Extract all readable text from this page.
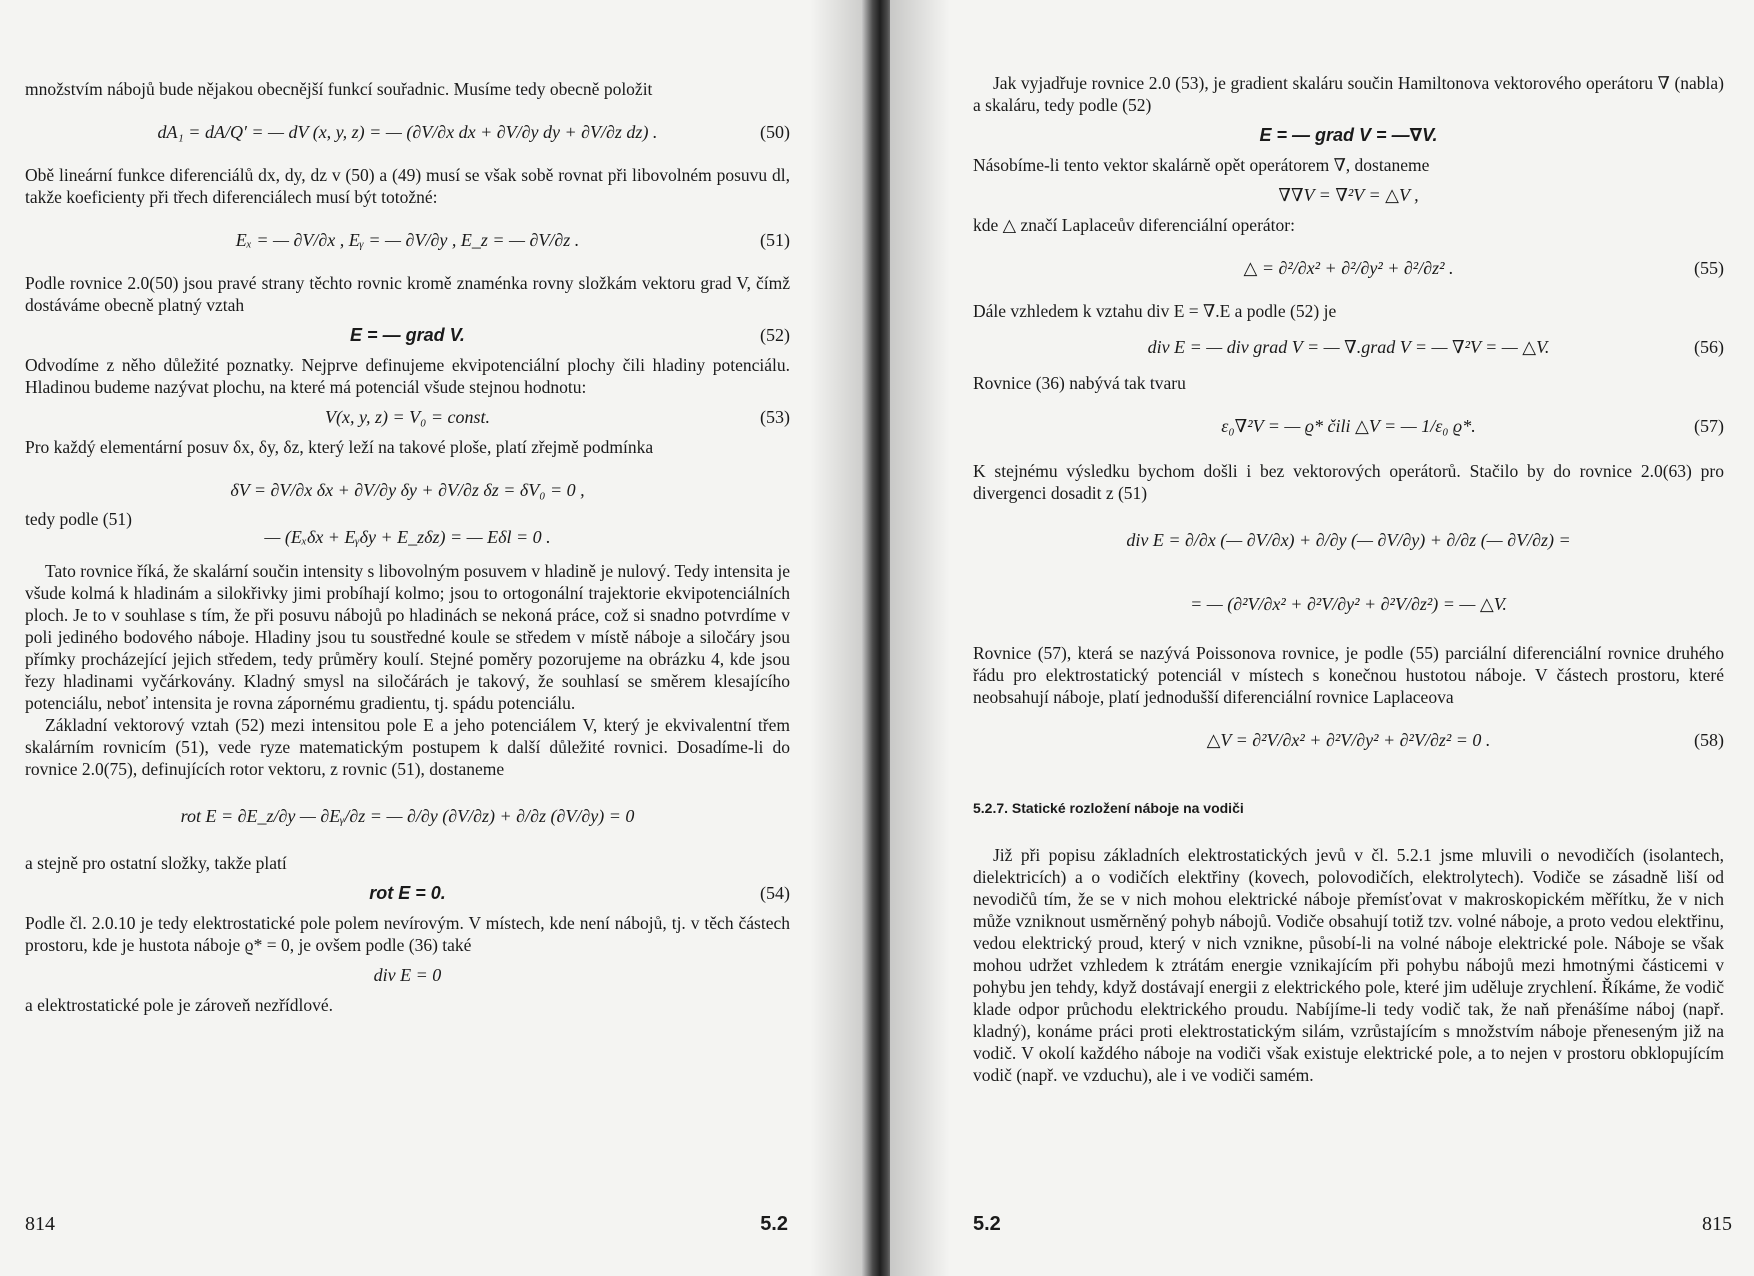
množstvím nábojů bude nějakou obecnější funkcí souřadnic. Musíme tedy obecně položit

dA₁ = dA/Q′ = — dV (x, y, z) = — (∂V/∂x dx + ∂V/∂y dy + ∂V/∂z dz) .	(50)

Obě lineární funkce diferenciálů dx, dy, dz v (50) a (49) musí se však sobě rovnat při libovolném posuvu dl, takže koeficienty při třech diferenciálech musí být totožné:

Eₓ = — ∂V/∂x , Eᵧ = — ∂V/∂y , E_z = — ∂V/∂z .	(51)

Podle rovnice 2.0(50) jsou pravé strany těchto rovnic kromě znaménka rovny složkám vektoru grad V, čímž dostáváme obecně platný vztah

E = — grad V.	(52)

Odvodíme z něho důležité poznatky. Nejprve definujeme ekvipotenciální plochy čili hladiny potenciálu. Hladinou budeme nazývat plochu, na které má potenciál všude stejnou hodnotu:

V(x, y, z) = V₀ = const.	(53)

Pro každý elementární posuv δx, δy, δz, který leží na takové ploše, platí zřejmě podmínka

δV = ∂V/∂x δx + ∂V/∂y δy + ∂V/∂z δz = δV₀ = 0 ,
tedy podle (51)
— (Eₓδx + Eᵧδy + E_zδz) = — Eδl = 0 .

Tato rovnice říká, že skalární součin intensity s libovolným posuvem v hladině je nulový. Tedy intensita je všude kolmá k hladinám a silokřivky jimi probíhají kolmo; jsou to ortogonální trajektorie ekvipotenciálních ploch. Je to v souhlase s tím, že při posuvu nábojů po hladinách se nekoná práce, což si snadno potvrdíme v poli jediného bodového náboje. Hladiny jsou tu soustředné koule se středem v místě náboje a siločáry jsou přímky procházející jejich středem, tedy průměry koulí. Stejné poměry pozorujeme na obrázku 4, kde jsou řezy hladinami vyčárkovány. Kladný smysl na siločárách je takový, že souhlasí se směrem klesajícího potenciálu, neboť intensita je rovna zápornému gradientu, tj. spádu potenciálu.

Základní vektorový vztah (52) mezi intensitou pole E a jeho potenciálem V, který je ekvivalentní třem skalárním rovnicím (51), vede ryze matematickým postupem k další důležité rovnici. Dosadíme-li do rovnice 2.0(75), definujících rotor vektoru, z rovnic (51), dostaneme

rot E = ∂E_z/∂y — ∂Eᵧ/∂z = — ∂/∂y (∂V/∂z) + ∂/∂z (∂V/∂y) = 0

a stejně pro ostatní složky, takže platí

rot E = 0.	(54)

Podle čl. 2.0.10 je tedy elektrostatické pole polem nevírovým. V místech, kde není nábojů, tj. v těch částech prostoru, kde je hustota náboje ϱ* = 0, je ovšem podle (36) také

div E = 0

a elektrostatické pole je zároveň nezřídlové.

814	5.2

Jak vyjadřuje rovnice 2.0 (53), je gradient skaláru součin Hamiltonova vektorového operátoru ∇ (nabla) a skaláru, tedy podle (52)

E = — grad V = —∇V.

Násobíme-li tento vektor skalárně opět operátorem ∇, dostaneme

∇∇V = ∇²V = △V ,

kde △ značí Laplaceův diferenciální operátor:

△ = ∂²/∂x² + ∂²/∂y² + ∂²/∂z² .	(55)

Dále vzhledem k vztahu div E = ∇.E a podle (52) je

div E = — div grad V = — ∇.grad V = — ∇²V = — △V.	(56)

Rovnice (36) nabývá tak tvaru

ε₀∇²V = — ϱ* čili △V = — 1/ε₀ ϱ*.	(57)

K stejnému výsledku bychom došli i bez vektorových operátorů. Stačilo by do rovnice 2.0(63) pro divergenci dosadit z (51)

div E = ∂/∂x (— ∂V/∂x) + ∂/∂y (— ∂V/∂y) + ∂/∂z (— ∂V/∂z) =
= — (∂²V/∂x² + ∂²V/∂y² + ∂²V/∂z²) = — △V.

Rovnice (57), která se nazývá Poissonova rovnice, je podle (55) parciální diferenciální rovnice druhého řádu pro elektrostatický potenciál v místech s konečnou hustotou náboje. V částech prostoru, které neobsahují náboje, platí jednodušší diferenciální rovnice Laplaceova

△V = ∂²V/∂x² + ∂²V/∂y² + ∂²V/∂z² = 0 .	(58)
5.2.7. Statické rozložení náboje na vodiči

Již při popisu základních elektrostatických jevů v čl. 5.2.1 jsme mluvili o nevodičích (isolantech, dielektricích) a o vodičích elektřiny (kovech, polovodičích, elektrolytech). Vodiče se zásadně liší od nevodičů tím, že se v nich mohou elektrické náboje přemísťovat v makroskopickém měřítku, že v nich může vzniknout usměrněný pohyb nábojů. Vodiče obsahují totiž tzv. volné náboje, a proto vedou elektřinu, vedou elektrický proud, který v nich vznikne, působí-li na volné náboje elektrické pole. Náboje se však mohou udržet vzhledem k ztrátám energie vznikajícím při pohybu nábojů mezi hmotnými částicemi v pohybu jen tehdy, když dostávají energii z elektrického pole, které jim uděluje zrychlení. Říkáme, že vodič klade odpor průchodu elektrického proudu. Nabíjíme-li tedy vodič tak, že naň přenášíme náboj (např. kladný), konáme práci proti elektrostatickým silám, vzrůstajícím s množstvím náboje přeneseným již na vodič. V okolí každého náboje na vodiči však existuje elektrické pole, a to nejen v prostoru obklopujícím vodič (např. ve vzduchu), ale i ve vodiči samém.

5.2	815
